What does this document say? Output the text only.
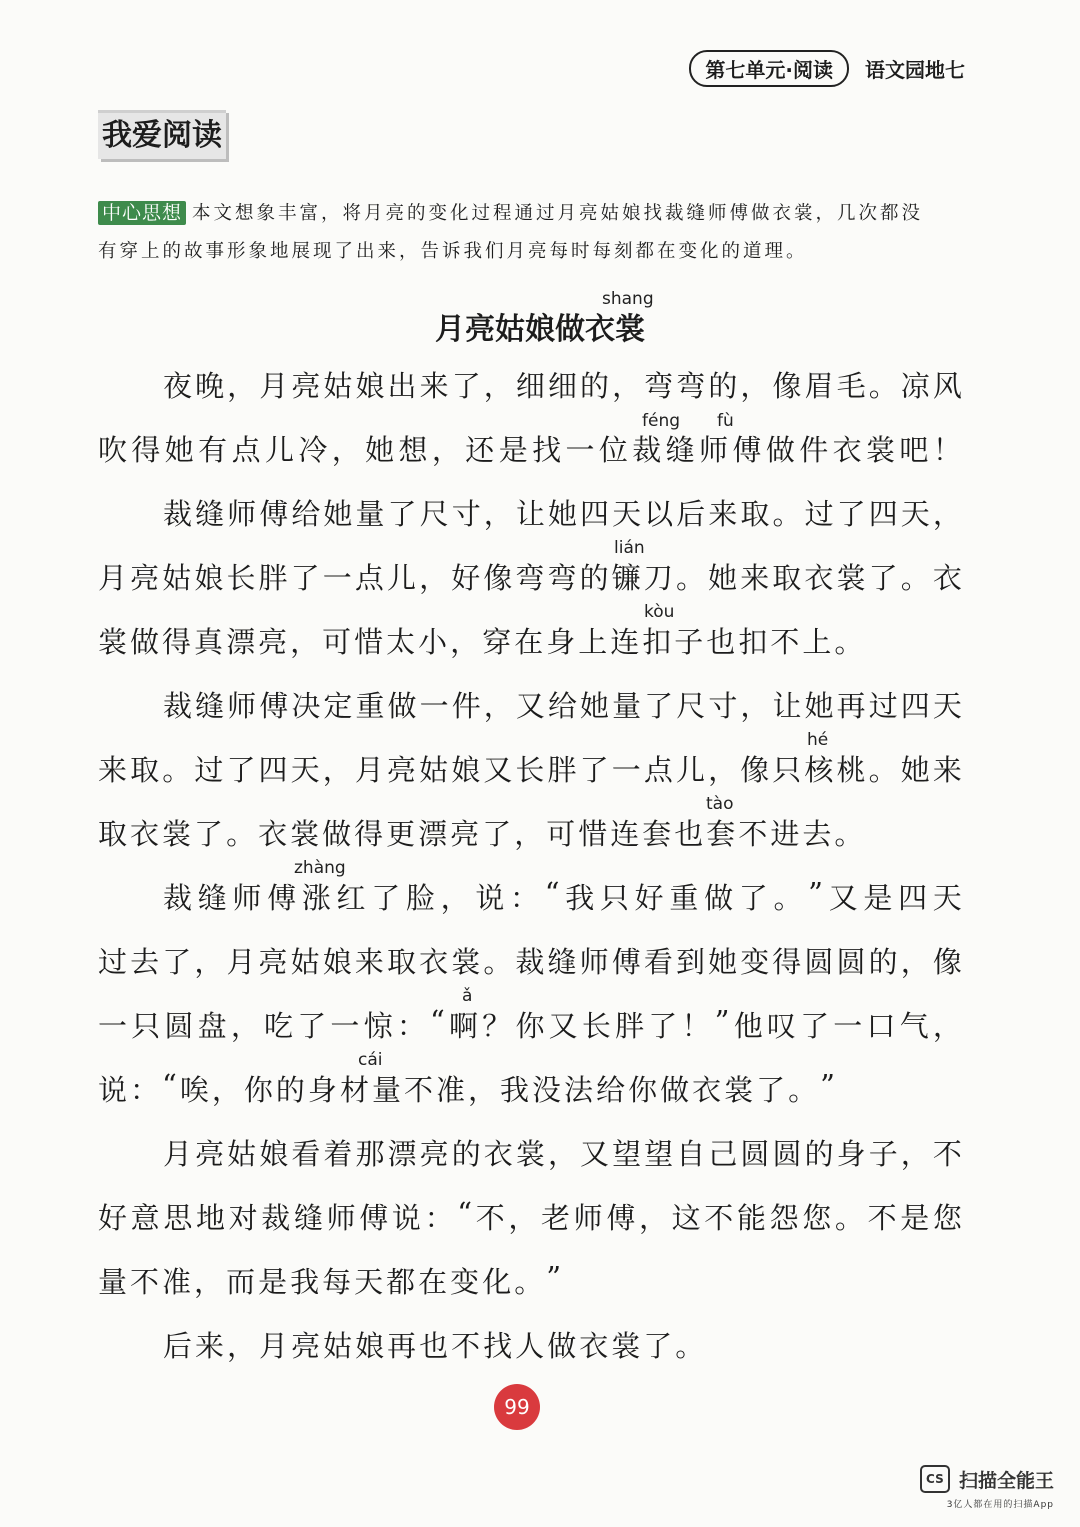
第七单元·阅读	语文园地七
我爱阅读
中心思想 本文想象丰富，将月亮的变化过程通过月亮姑娘找裁缝师傅做衣裳，几次都没
有穿上的故事形象地展现了出来，告诉我们月亮每时每刻都在变化的道理。
月亮姑娘做衣裳
shang
féng fù
lián
kòu
hé
tào
zhàng
ǎ
cái
夜 晚 ， 月 亮 姑 娘 出 来 了 ， 细 细 的 ， 弯 弯 的 ， 像 眉 毛 。 凉 风
吹 得 她 有 点 儿 冷 ， 她 想 ， 还 是 找 一 位 裁 缝 师 傅 做 件 衣 裳 吧 ！
裁 缝 师 傅 给 她 量 了 尺 寸 ， 让 她 四 天 以 后 来 取 。 过 了 四 天 ，
月 亮 姑 娘 长 胖 了 一 点 儿 ， 好 像 弯 弯 的 镰 刀 。 她 来 取 衣 裳 了 。 衣
裳 做 得 真 漂 亮 ， 可 惜 太 小 ， 穿 在 身 上 连 扣 子 也 扣 不 上 。
裁 缝 师 傅 决 定 重 做 一 件 ， 又 给 她 量 了 尺 寸 ， 让 她 再 过 四 天
来 取 。 过 了 四 天 ， 月 亮 姑 娘 又 长 胖 了 一 点 儿 ， 像 只 核 桃 。 她 来
取 衣 裳 了 。 衣 裳 做 得 更 漂 亮 了 ， 可 惜 连 套 也 套 不 进 去 。
裁 缝 师 傅 涨 红 了 脸 ， 说 ： “ 我 只 好 重 做 了 。 ” 又 是 四 天
过 去 了 ， 月 亮 姑 娘 来 取 衣 裳 。 裁 缝 师 傅 看 到 她 变 得 圆 圆 的 ， 像
一 只 圆 盘 ， 吃 了 一 惊 ： “ 啊 ？ 你 又 长 胖 了 ！ ” 他 叹 了 一 口 气 ，
说 ： “ 唉 ， 你 的 身 材 量 不 准 ， 我 没 法 给 你 做 衣 裳 了 。 ”
月 亮 姑 娘 看 着 那 漂 亮 的 衣 裳 ， 又 望 望 自 己 圆 圆 的 身 子 ， 不
好 意 思 地 对 裁 缝 师 傅 说 ： “ 不 ， 老 师 傅 ， 这 不 能 怨 您 。 不 是 您
量 不 准 ， 而 是 我 每 天 都 在 变 化 。 ”
后 来 ， 月 亮 姑 娘 再 也 不 找 人 做 衣 裳 了 。
99
CS 扫描全能王
3亿人都在用的扫描App
